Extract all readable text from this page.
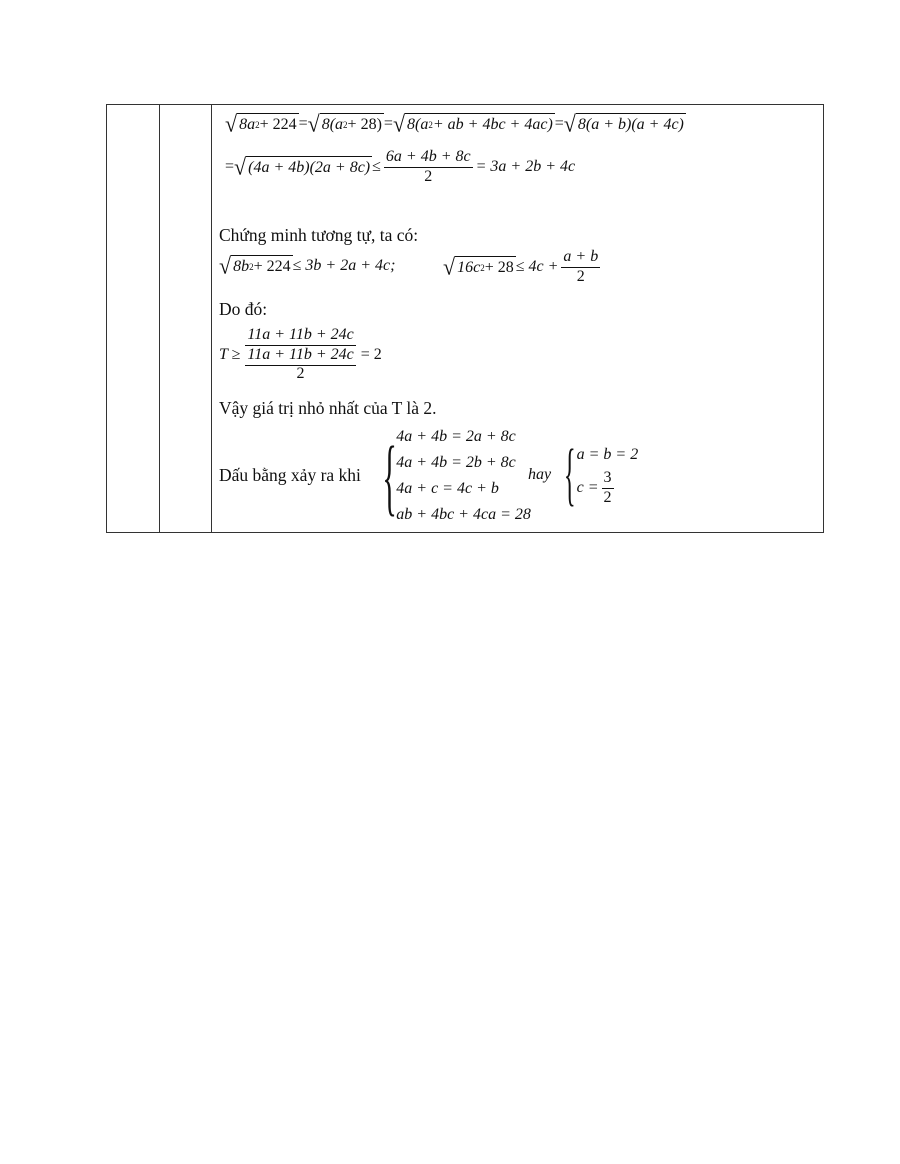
√ 8a 2 + 224 = √ 8(a 2 + 28) = √ 8(a 2 + ab + 4bc + 4ac) = √ 8(a + b)(a + 4c)
= √ $(4a + 4b)(2a + 8c) \le \frac{6a + 4b + 8c}{2} = 3a + 2b + 4c$
Chứng minh tương tự, ta có:
√ 8b 2 + 224 ≤ 3b + 2a + 4c; √ 16c $2 + 28 \le 4c + \frac{a + b}{2}$
Do đó:
T ≥ 11a + 11b + 24c
11a + 11b + 24c
2 = 2
Vậy giá trị nhỏ nhất của T là 2.
Dấu bằng xảy ra khi { 4a + 4b = 2a + 8c
4a + 4b = 2b + 8c
4a + c = 4c + b
ab + 4bc + 4ca = 28
hay { a = b = 2
$c = \frac{3}{2}$
